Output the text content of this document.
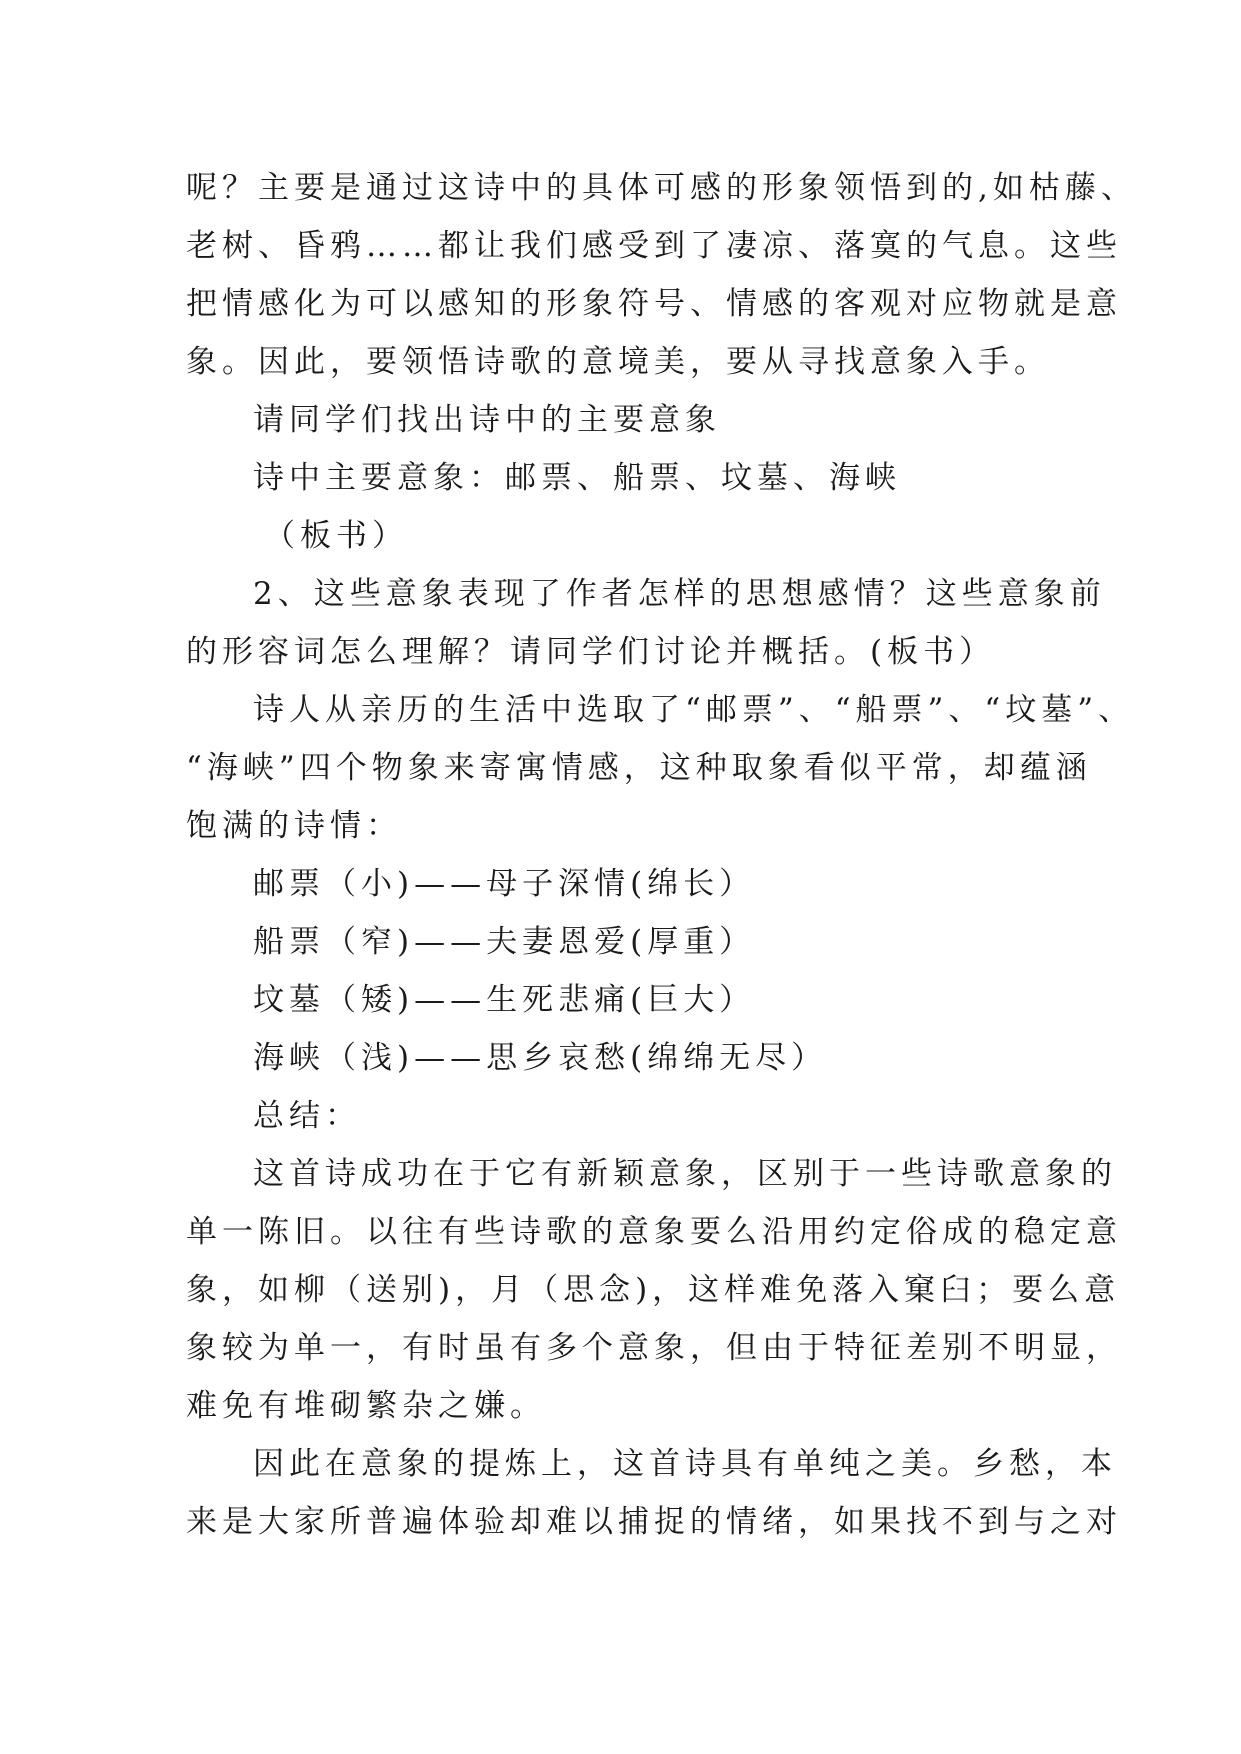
呢？主要是通过这诗中的具体可感的形象领悟到的,如枯藤、

老树、昏鸦……都让我们感受到了凄凉、落寞的气息。这些

把情感化为可以感知的形象符号、情感的客观对应物就是意

象。因此，要领悟诗歌的意境美，要从寻找意象入手。

请同学们找出诗中的主要意象

诗中主要意象：邮票、船票、坟墓、海峡

（板书）

2、这些意象表现了作者怎样的思想感情？这些意象前

的形容词怎么理解？请同学们讨论并概括。(板书）

诗人从亲历的生活中选取了“邮票”、“船票”、“坟墓”、

“海峡”四个物象来寄寓情感，这种取象看似平常，却蕴涵

饱满的诗情：

邮票（小)——母子深情(绵长）

船票（窄)——夫妻恩爱(厚重）

坟墓（矮)——生死悲痛(巨大）

海峡（浅)——思乡哀愁(绵绵无尽）

总结：

这首诗成功在于它有新颖意象，区别于一些诗歌意象的

单一陈旧。以往有些诗歌的意象要么沿用约定俗成的稳定意

象，如柳（送别)，月（思念)，这样难免落入窠臼；要么意

象较为单一，有时虽有多个意象，但由于特征差别不明显，

难免有堆砌繁杂之嫌。

因此在意象的提炼上，这首诗具有单纯之美。乡愁，本

来是大家所普遍体验却难以捕捉的情绪，如果找不到与之对
